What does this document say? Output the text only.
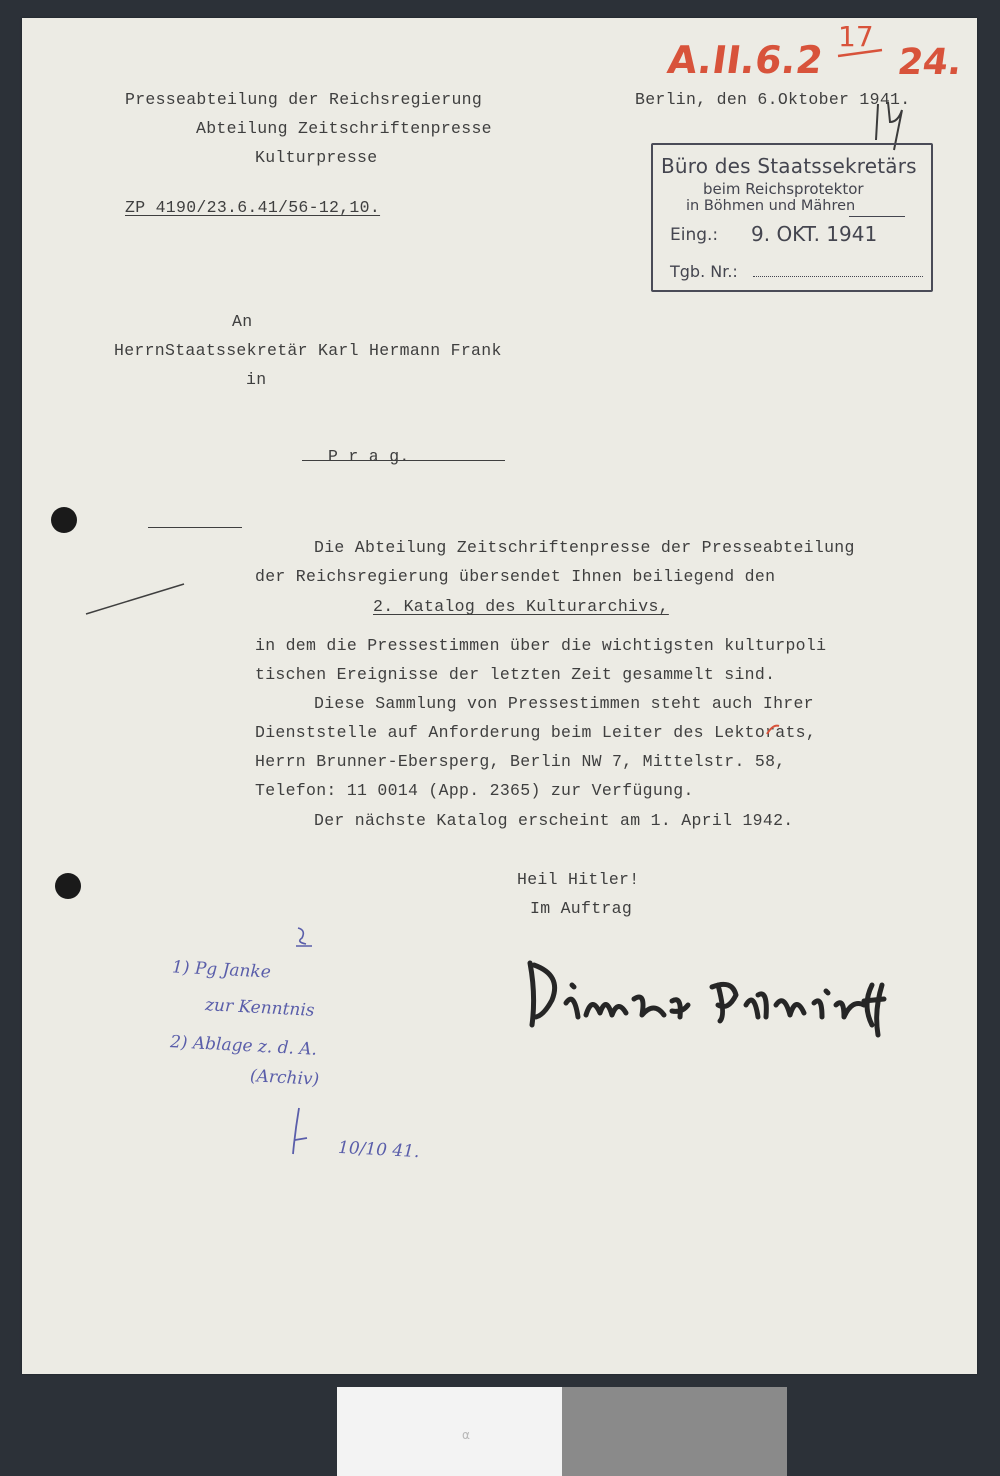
Presseabteilung der Reichsregierung
Abteilung Zeitschriftenpresse
Kulturpresse
ZP 4190/23.6.41/56-12,10.
Berlin, den 6.Oktober 1941.
A.II.6.2
17
24.
Büro des Staatssekretärs
beim Reichsprotektor
in Böhmen und Mähren
Eing.: 9. OKT. 1941
Tgb. Nr.:
An
HerrnStaatssekretär Karl Hermann Frank
in
P r a g.
Die Abteilung Zeitschriftenpresse der Presseabteilung
der Reichsregierung übersendet Ihnen beiliegend den
2. Katalog des Kulturarchivs,
in dem die Pressestimmen über die wichtigsten kulturpoli
tischen Ereignisse der letzten Zeit gesammelt sind.
Diese Sammlung von Pressestimmen steht auch Ihrer
Dienststelle auf Anforderung beim Leiter des Lektorats,
Herrn Brunner-Ebersperg, Berlin NW 7, Mittelstr. 58,
Telefon: 11 0014 (App. 2365) zur Verfügung.
Der nächste Katalog erscheint am 1. April 1942.
Heil Hitler!
Im Auftrag
1) Pg Janke
zur Kenntnis
2) Ablage z. d. A.
(Archiv)
10/10 41.
α
